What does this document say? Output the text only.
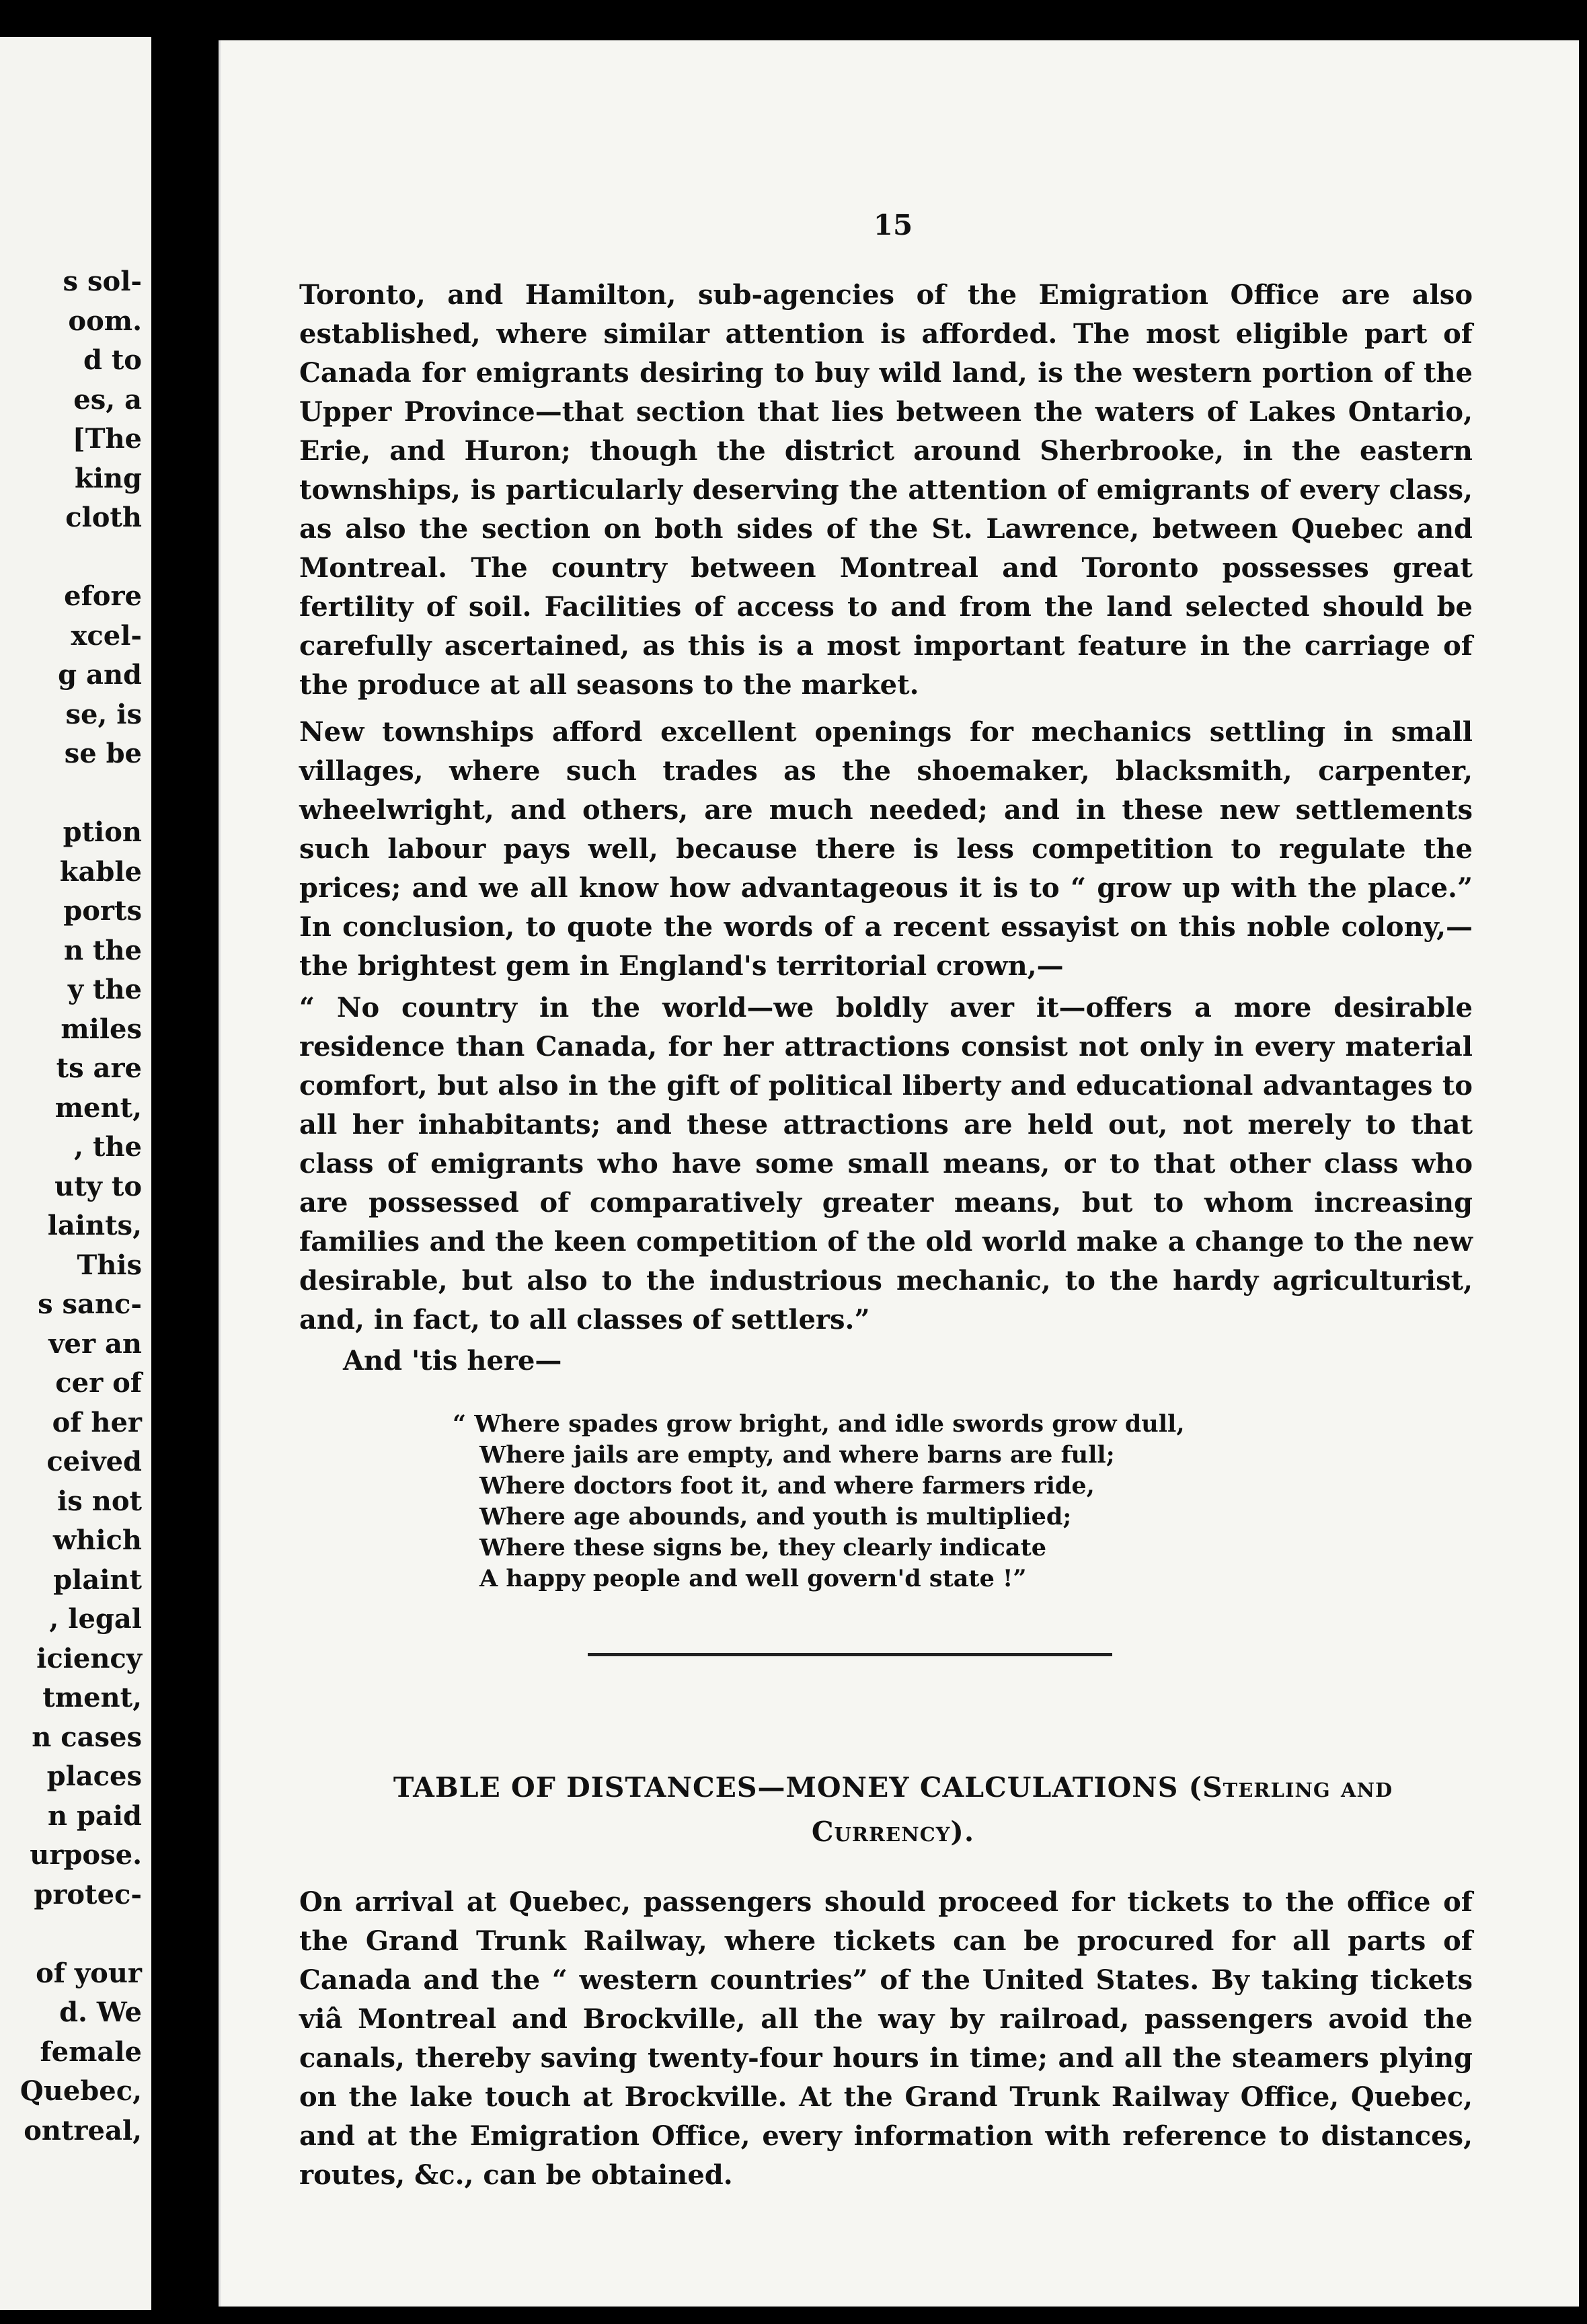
s sol-
oom.
d to
es, a
[The
king
cloth
efore
xcel-
g and
se, is
se be
ption
kable
ports
n the
y the
miles
ts are
ment,
, the
uty to
laints,
This
s sanc-
ver an
cer of
of her
ceived
is not
which
plaint
, legal
iciency
tment,
n cases
places
n paid
urpose.
protec-
of your
d. We
female
Quebec,
ontreal,
15

Toronto, and Hamilton, sub-agencies of the Emigration Office are also established, where similar attention is afforded. The most eligible part of Canada for emigrants desiring to buy wild land, is the western portion of the Upper Province—that section that lies between the waters of Lakes Ontario, Erie, and Huron; though the district around Sherbrooke, in the eastern townships, is particularly deserving the attention of emigrants of every class, as also the section on both sides of the St. Lawrence, between Quebec and Montreal. The country between Montreal and Toronto possesses great fertility of soil. Facilities of access to and from the land selected should be carefully ascertained, as this is a most important feature in the carriage of the produce at all seasons to the market.

New townships afford excellent openings for mechanics settling in small villages, where such trades as the shoemaker, blacksmith, carpenter, wheelwright, and others, are much needed; and in these new settlements such labour pays well, because there is less competition to regulate the prices; and we all know how advantageous it is to “ grow up with the place.” In conclusion, to quote the words of a recent essayist on this noble colony,—the brightest gem in England's territorial crown,—

“ No country in the world—we boldly aver it—offers a more desirable residence than Canada, for her attractions consist not only in every material comfort, but also in the gift of political liberty and educational advantages to all her inhabitants; and these attractions are held out, not merely to that class of emigrants who have some small means, or to that other class who are possessed of comparatively greater means, but to whom increasing families and the keen competition of the old world make a change to the new desirable, but also to the industrious mechanic, to the hardy agriculturist, and, in fact, to all classes of settlers.”

And 'tis here—

“ Where spades grow bright, and idle swords grow dull,
Where jails are empty, and where barns are full;
Where doctors foot it, and where farmers ride,
Where age abounds, and youth is multiplied;
Where these signs be, they clearly indicate
A happy people and well govern'd state !”
TABLE OF DISTANCES—MONEY CALCULATIONS (Sterling and Currency).

On arrival at Quebec, passengers should proceed for tickets to the office of the Grand Trunk Railway, where tickets can be procured for all parts of Canada and the “ western countries” of the United States. By taking tickets viâ Montreal and Brockville, all the way by railroad, passengers avoid the canals, thereby saving twenty-four hours in time; and all the steamers plying on the lake touch at Brockville. At the Grand Trunk Railway Office, Quebec, and at the Emigration Office, every information with reference to distances, routes, &c., can be obtained.
